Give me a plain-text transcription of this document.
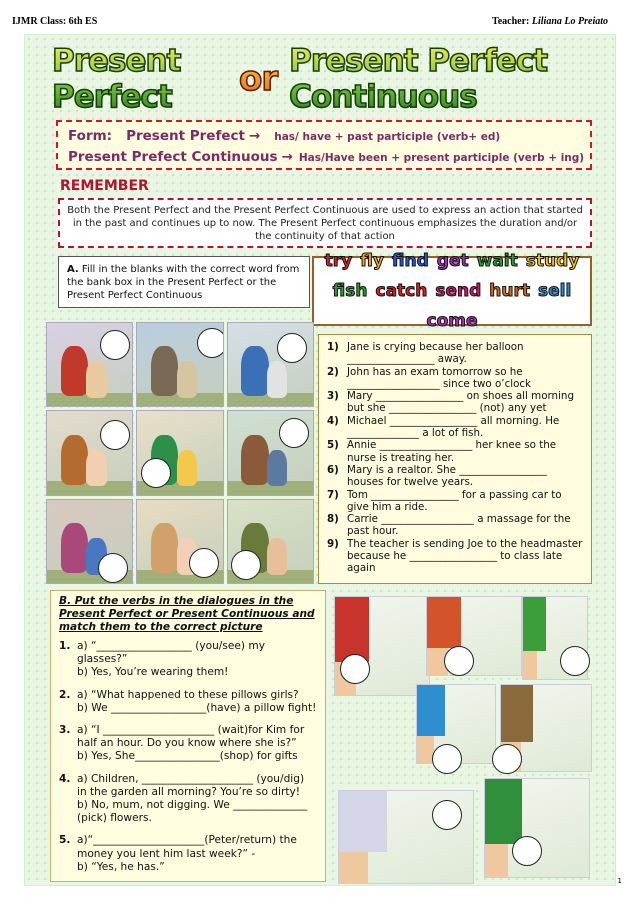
IJMR Class: 6th ES	Teacher: Liliana Lo Preiato
Present Perfect	or Present Perfect Continuous
Form: Present Prefect → has/ have + past participle (verb+ ed)
Present Prefect Continuous → Has/Have been + present participle (verb + ing)
REMEMBER
Both the Present Perfect and the Present Perfect Continuous are used to express an action that started in the past and continues up to now. The Present Perfect continuous emphasizes the duration and/or the continuity of that action
A. Fill in the blanks with the correct word from the bank box in the Present Perfect or the Present Perfect Continuous
try fly find get wait study
fish catch send hurt sell
come
1) Jane is crying because her balloon _________________ away.
2) John has an exam tomorrow so he __________________ since two o’clock
3) Mary _________________ on shoes all morning but she _________________ (not) any yet
4) Michael _________________ all morning. He ______________ a lot of fish.
5) Annie __________________ her knee so the nurse is treating her.
6) Mary is a realtor. She _________________ houses for twelve years.
7) Tom _________________ for a passing car to give him a ride.
8) Carrie __________________ a massage for the past hour.
9) The teacher is sending Joe to the headmaster because he _________________ to class late again
B. Put the verbs in the dialogues in the Present Perfect or Present Continuous and match them to the correct picture
1. a) “__________________ (you/see) my glasses?”
b) Yes, You’re wearing them!
2. a) “What happened to these pillows girls?
b) We __________________(have) a pillow fight!
3. a) “I _____________________ (wait)for Kim for half an hour. Do you know where she is?”
b) Yes, She________________(shop) for gifts
4. a) Children, _____________________ (you/dig) in the garden all morning? You’re so dirty!
b) No, mum, not digging. We ______________ (pick) flowers.
5. a)“_____________________(Peter/return) the money you lent him last week?” -
b) “Yes, he has.”
1
